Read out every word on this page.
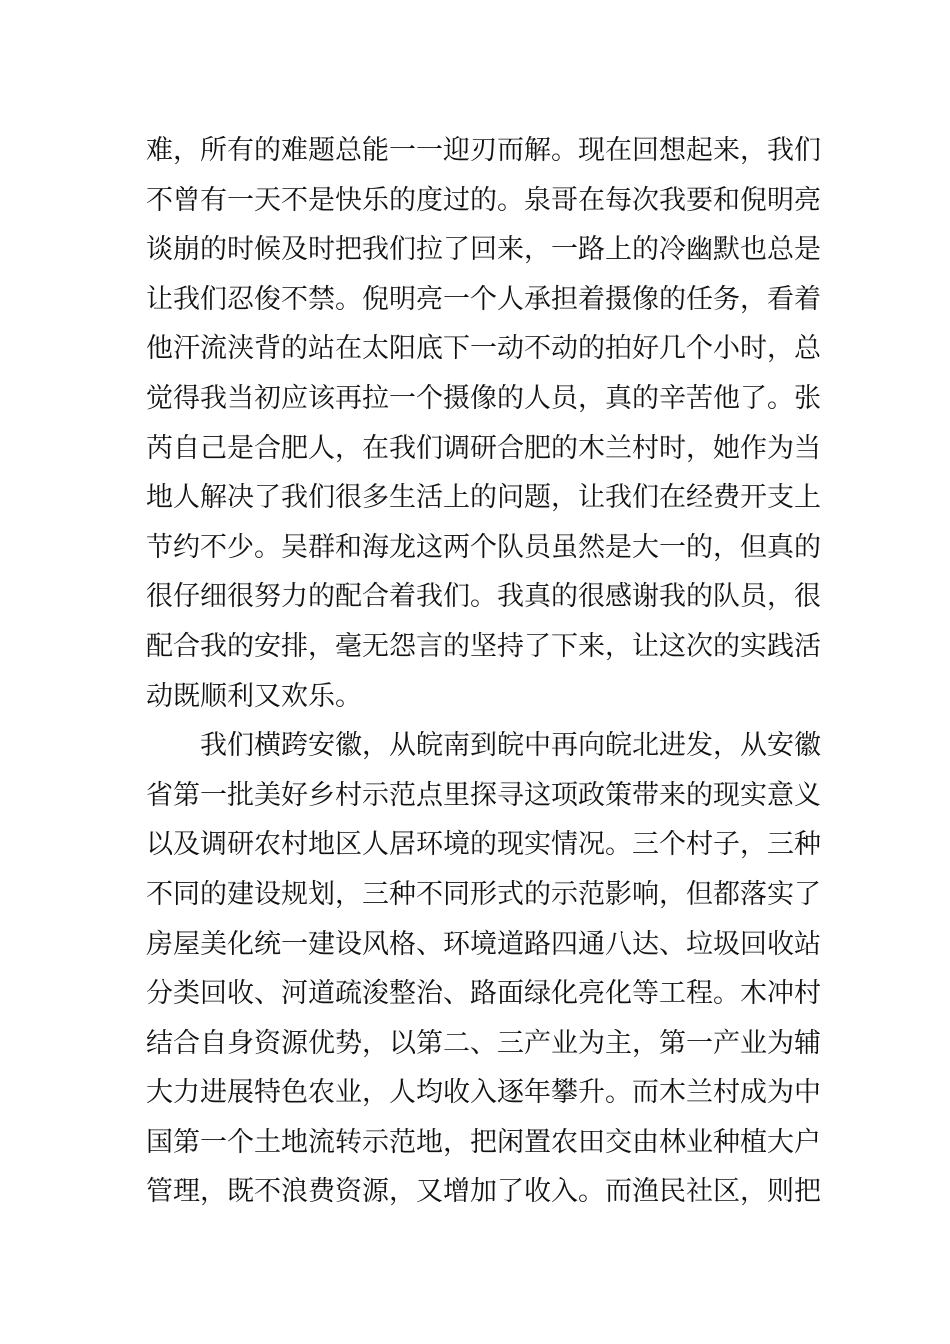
难，所有的难题总能一一迎刃而解。现在回想起来，我们
不曾有一天不是快乐的度过的。泉哥在每次我要和倪明亮
谈崩的时候及时把我们拉了回来，一路上的冷幽默也总是
让我们忍俊不禁。倪明亮一个人承担着摄像的任务，看着
他汗流浃背的站在太阳底下一动不动的拍好几个小时，总
觉得我当初应该再拉一个摄像的人员，真的辛苦他了。张
芮自己是合肥人，在我们调研合肥的木兰村时，她作为当
地人解决了我们很多生活上的问题，让我们在经费开支上
节约不少。吴群和海龙这两个队员虽然是大一的，但真的
很仔细很努力的配合着我们。我真的很感谢我的队员，很
配合我的安排，毫无怨言的坚持了下来，让这次的实践活
动既顺利又欢乐。
我们横跨安徽，从皖南到皖中再向皖北进发，从安徽
省第一批美好乡村示范点里探寻这项政策带来的现实意义
以及调研农村地区人居环境的现实情况。三个村子，三种
不同的建设规划，三种不同形式的示范影响，但都落实了
房屋美化统一建设风格、环境道路四通八达、垃圾回收站
分类回收、河道疏浚整治、路面绿化亮化等工程。木冲村
结合自身资源优势，以第二、三产业为主，第一产业为辅
大力进展特色农业，人均收入逐年攀升。而木兰村成为中
国第一个土地流转示范地，把闲置农田交由林业种植大户
管理，既不浪费资源，又增加了收入。而渔民社区，则把
